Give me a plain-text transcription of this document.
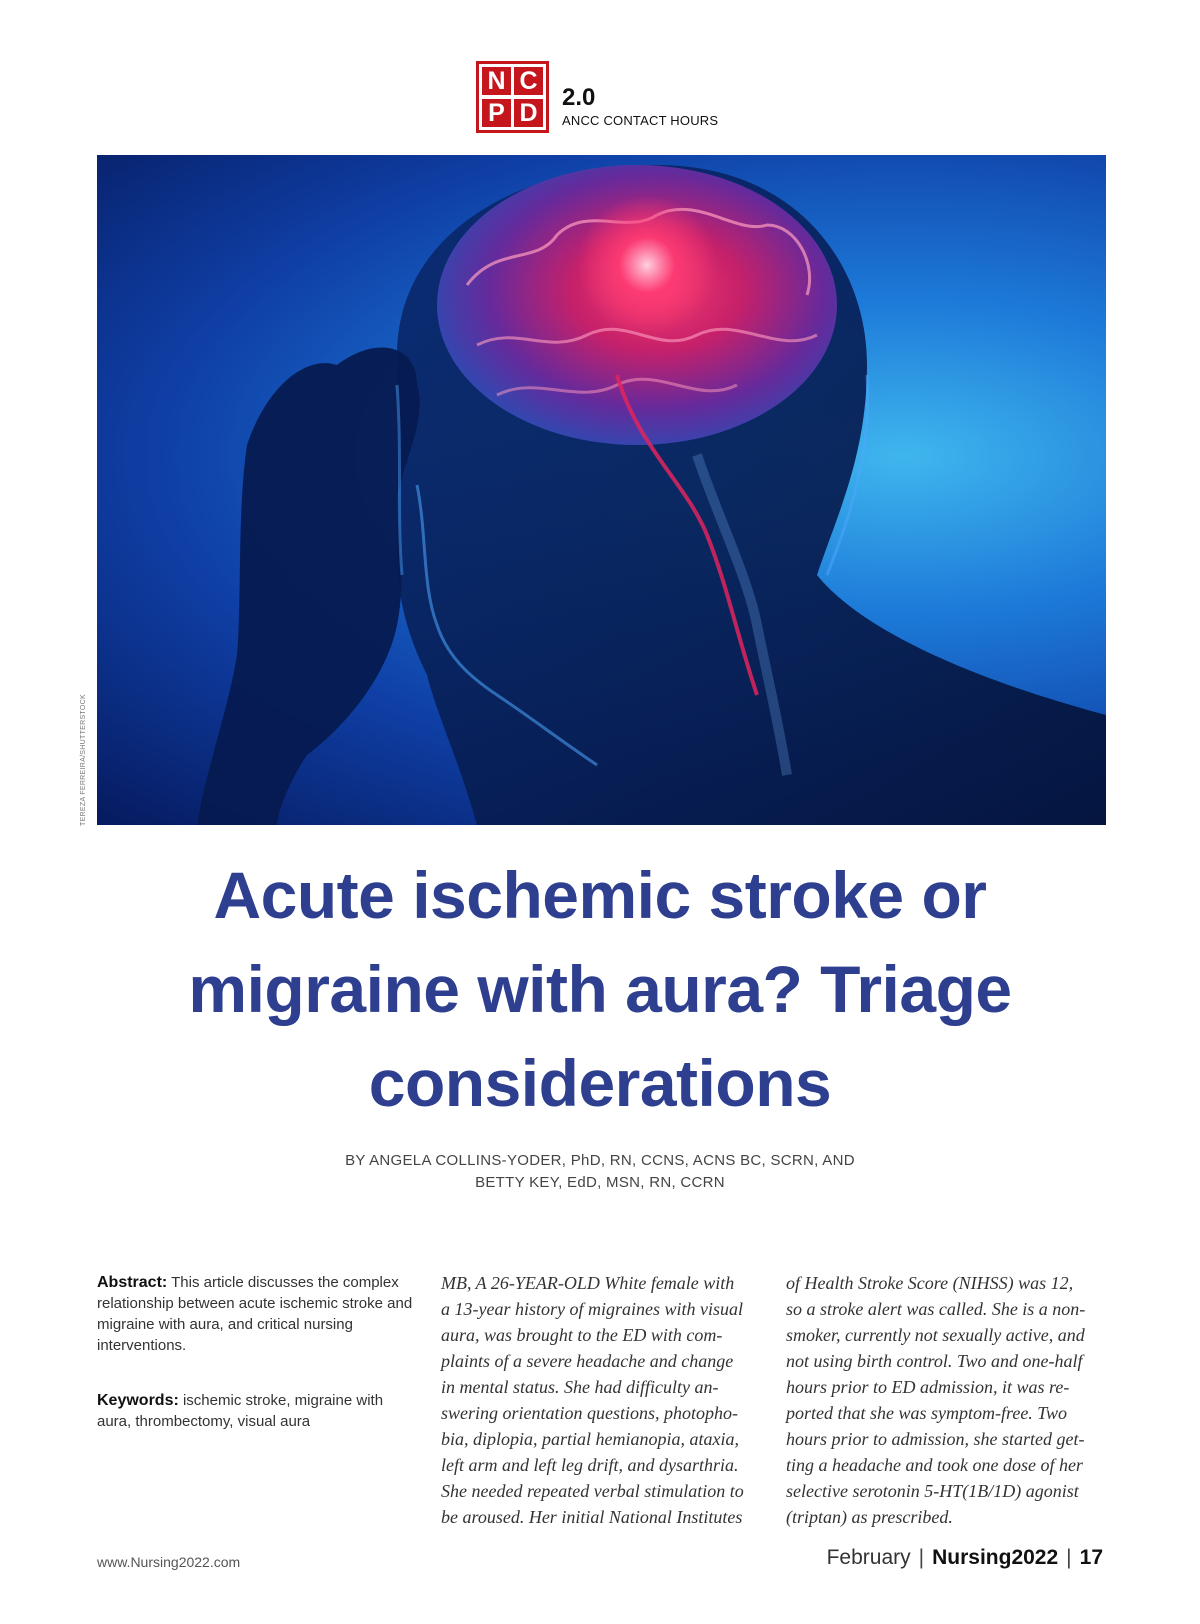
N C
P D
2.0
ANCC CONTACT HOURS
TEREZA FERREIRA/SHUTTERSTOCK
Acute ischemic stroke or migraine with aura? Triage considerations
BY ANGELA COLLINS-YODER, PhD, RN, CCNS, ACNS BC, SCRN, AND
BETTY KEY, EdD, MSN, RN, CCRN

Abstract: This article discusses the complex relationship between acute ischemic stroke and migraine with aura, and critical nursing interventions.

Keywords: ischemic stroke, migraine with aura, thrombectomy, visual aura

MB, A 26-YEAR-OLD White female with
a 13-year history of migraines with visual
aura, was brought to the ED with com-
plaints of a severe headache and change
in mental status. She had difficulty an-
swering orientation questions, photopho-
bia, diplopia, partial hemianopia, ataxia,
left arm and left leg drift, and dysarthria.
She needed repeated verbal stimulation to
be aroused. Her initial National Institutes
of Health Stroke Score (NIHSS) was 12,
so a stroke alert was called. She is a non-
smoker, currently not sexually active, and
not using birth control. Two and one-half
hours prior to ED admission, it was re-
ported that she was symptom-free. Two
hours prior to admission, she started get-
ting a headache and took one dose of her
selective serotonin 5-HT(1B/1D) agonist
(triptan) as prescribed.
www.Nursing2022.com	February | Nursing2022 | 17
